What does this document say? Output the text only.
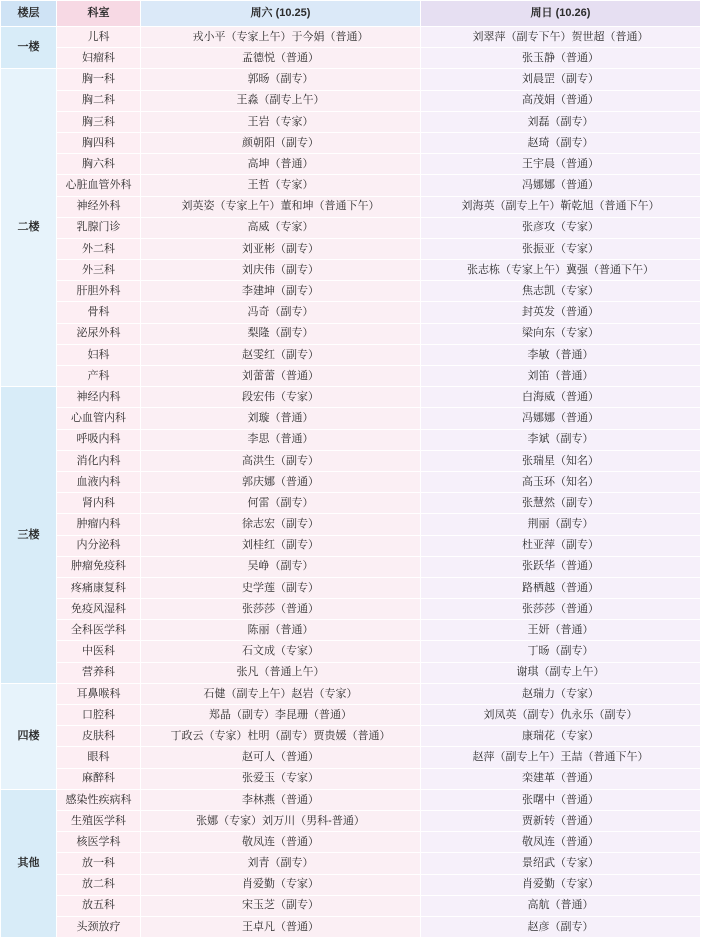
楼层	科室	周六 (10.25)	周日 (10.26)
一楼	儿科	戎小平（专家上午）于今娟（普通）	刘翠萍（副专下午）贺世超（普通）
	妇瘤科	孟德悦（普通）	张玉静（普通）
二楼	胸一科	郭旸（副专）	刘晨罡（副专）
	胸二科	王淼（副专上午）	高茂娟（普通）
	胸三科	王岩（专家）	刘磊（副专）
	胸四科	颜朝阳（副专）	赵琦（副专）
	胸六科	高坤（普通）	王宇晨（普通）
	心脏血管外科	王哲（专家）	冯娜娜（普通）
	神经外科	刘英姿（专家上午）董和坤（普通下午）	刘海英（副专上午）靳乾旭（普通下午）
	乳腺门诊	高威（专家）	张彦攻（专家）
	外二科	刘亚彬（副专）	张振亚（专家）
	外三科	刘庆伟（副专）	张志栋（专家上午）冀强（普通下午）
	肝胆外科	李建坤（副专）	焦志凯（专家）
	骨科	冯奇（副专）	封英发（普通）
	泌尿外科	梨隆（副专）	梁向东（专家）
	妇科	赵雯红（副专）	李敏（普通）
	产科	刘蕾蕾（普通）	刘笛（普通）
三楼	神经内科	段宏伟（专家）	白海威（普通）
	心血管内科	刘璇（普通）	冯娜娜（普通）
	呼吸内科	李思（普通）	李斌（副专）
	消化内科	高洪生（副专）	张瑞星（知名）
	血液内科	郭庆娜（普通）	高玉环（知名）
	肾内科	何雷（副专）	张慧然（副专）
	肿瘤内科	徐志宏（副专）	荆丽（副专）
	内分泌科	刘桂红（副专）	杜亚萍（副专）
	肿瘤免疫科	吴峥（副专）	张跃华（普通）
	疼痛康复科	史学莲（副专）	路栖越（普通）
	免疫风湿科	张莎莎（普通）	张莎莎（普通）
	全科医学科	陈丽（普通）	王妍（普通）
	中医科	石文成（专家）	丁旸（副专）
	营养科	张凡（普通上午）	谢琪（副专上午）
四楼	耳鼻喉科	石健（副专上午）赵岩（专家）	赵瑞力（专家）
	口腔科	郑晶（副专）李昆珊（普通）	刘凤英（副专）仇永乐（副专）
	皮肤科	丁政云（专家）杜明（副专）贾贵媛（普通）	康瑞花（专家）
	眼科	赵可人（普通）	赵萍（副专上午）王喆（普通下午）
	麻醉科	张爱玉（专家）	栾建革（普通）
其他	感染性疾病科	李林燕（普通）	张曙中（普通）
	生殖医学科	张娜（专家）刘万川（男科-普通）	贾新转（普通）
	核医学科	敬凤连（普通）	敬凤连（普通）
	放一科	刘青（副专）	景绍武（专家）
	放二科	肖爱勤（专家）	肖爱勤（专家）
	放五科	宋玉芝（副专）	高航（普通）
	头颈放疗	王卓凡（普通）	赵彦（副专）
